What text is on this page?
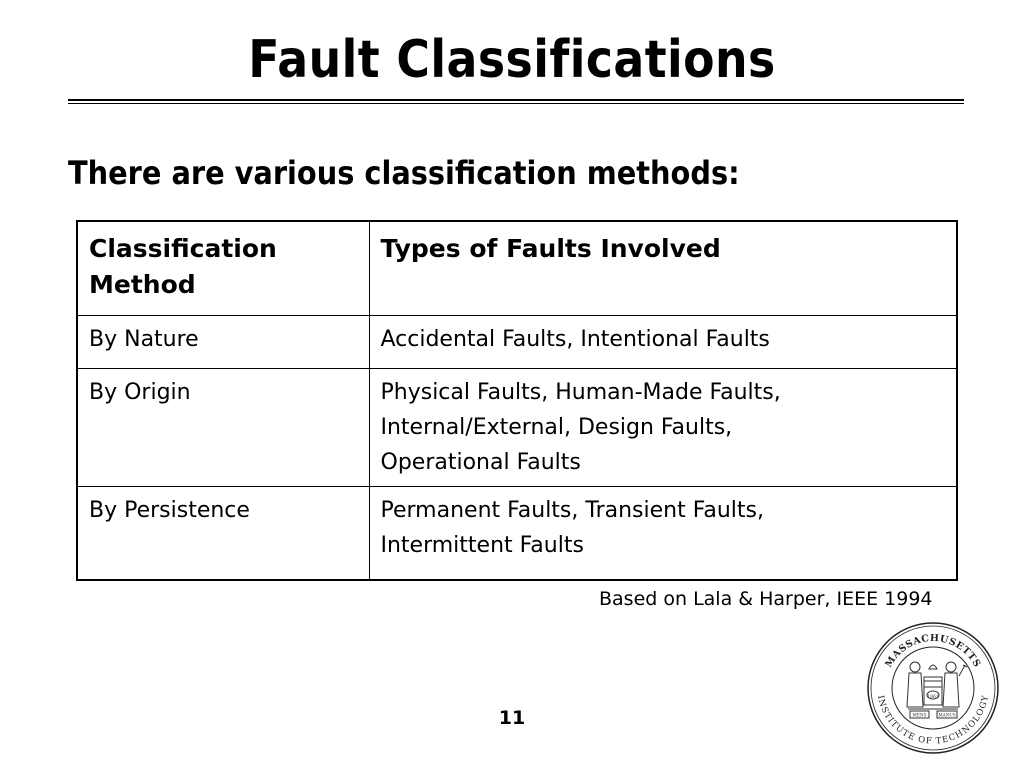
Fault Classifications
There are various classification methods:
Classification Method	Types of Faults Involved
By Nature	Accidental Faults, Intentional Faults
By Origin	Physical Faults, Human-Made Faults,
Internal/External, Design Faults,
Operational Faults

By Persistence	Permanent Faults, Transient Faults,
Intermittent Faults
Based on Lala & Harper, IEEE 1994
11
MASSACHUSETTS
INSTITUTE OF TECHNOLOGY
1861
MENS	MANUS
